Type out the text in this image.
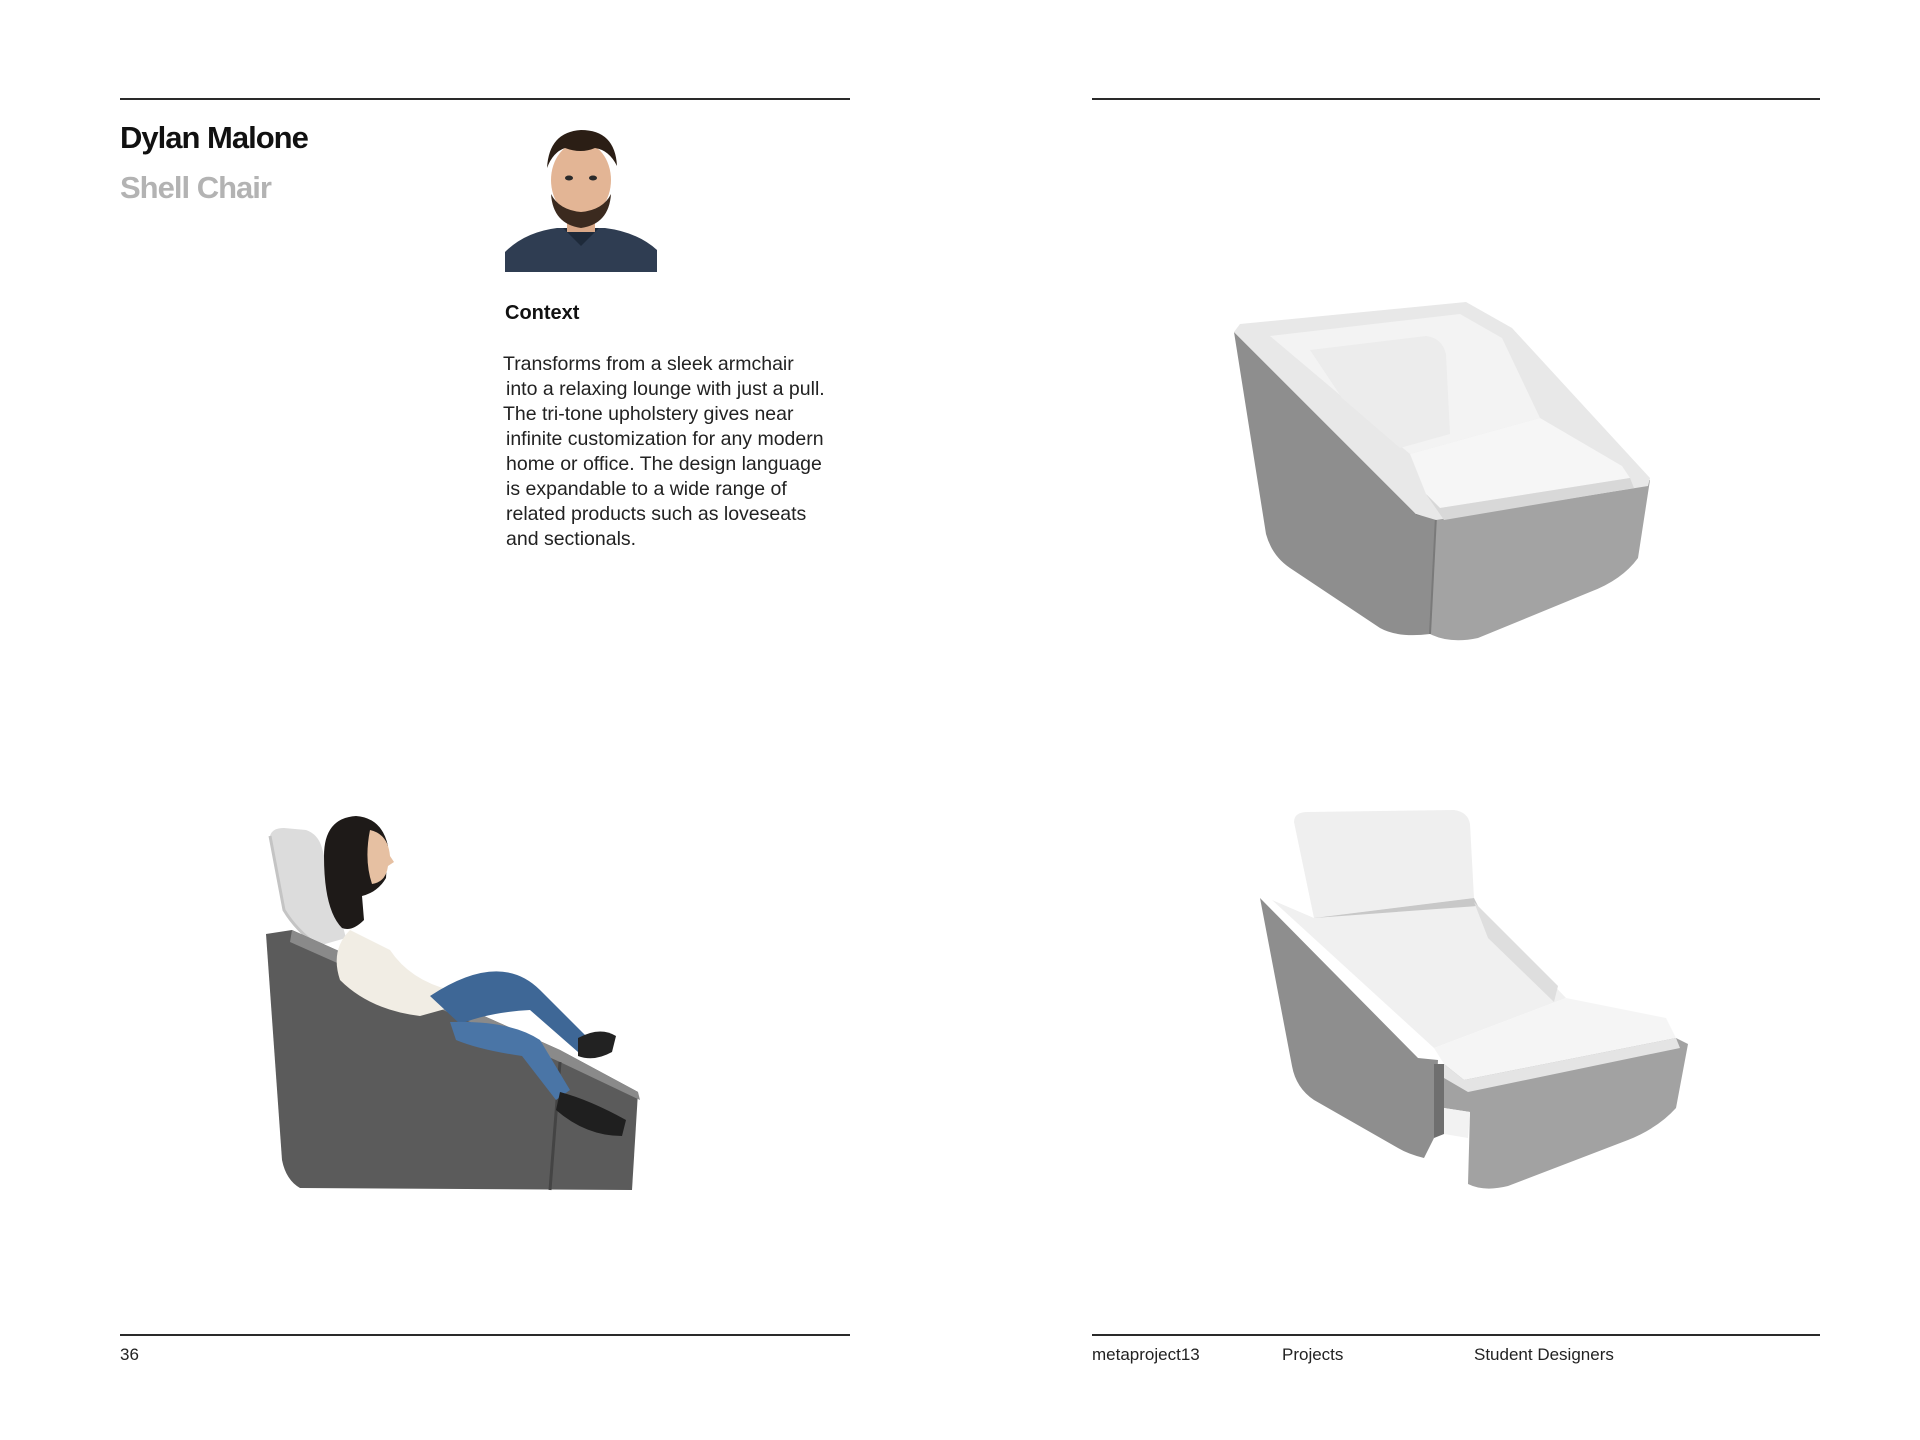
Dylan Malone
Shell Chair
Context
Transforms from a sleek armchair
into a relaxing lounge with just a pull.
The tri-tone upholstery gives near
infinite customization for any modern
home or office. The design language
is expandable to a wide range of
related products such as loveseats
and sectionals.
36	metaproject13	Projects	Student Designers
